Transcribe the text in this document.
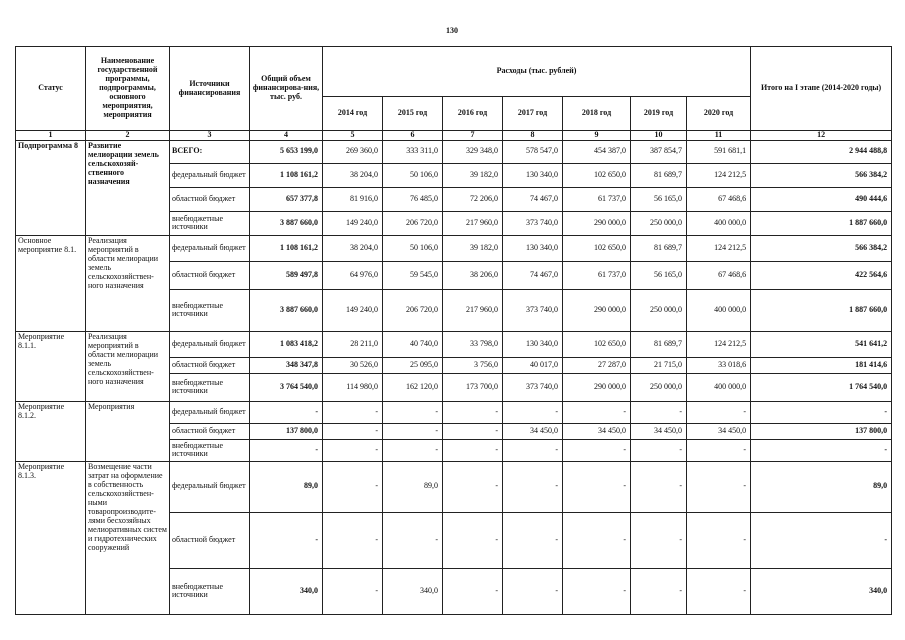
130
Статус	Наименование государственной программы, подпрограммы, основного мероприятия, мероприятия	Источники финансирования	Общий объем финансирова-ния, тыс. руб.	Расходы (тыс. рублей)							Итого на I этапе (2014-2020 годы)
				2014 год	2015 год	2016 год	2017 год	2018 год	2019 год	2020 год	
1	2	3	4	5	6	7	8	9	10	11	12
Подпрограмма 8	Развитие мелиорации земель сельскохозяй-ственного назначения	ВСЕГО:	5 653 199,0	269 360,0	333 311,0	329 348,0	578 547,0	454 387,0	387 854,7	591 681,1	2 944 488,8
		федеральный бюджет	1 108 161,2	38 204,0	50 106,0	39 182,0	130 340,0	102 650,0	81 689,7	124 212,5	566 384,2
		областной бюджет	657 377,8	81 916,0	76 485,0	72 206,0	74 467,0	61 737,0	56 165,0	67 468,6	490 444,6
		внебюджетные источники	3 887 660,0	149 240,0	206 720,0	217 960,0	373 740,0	290 000,0	250 000,0	400 000,0	1 887 660,0
Основное мероприятие 8.1.	Реализация мероприятий в области мелиорации земель сельскохозяйствен-ного назначения	федеральный бюджет	1 108 161,2	38 204,0	50 106,0	39 182,0	130 340,0	102 650,0	81 689,7	124 212,5	566 384,2
		областной бюджет	589 497,8	64 976,0	59 545,0	38 206,0	74 467,0	61 737,0	56 165,0	67 468,6	422 564,6
		внебюджетные источники	3 887 660,0	149 240,0	206 720,0	217 960,0	373 740,0	290 000,0	250 000,0	400 000,0	1 887 660,0
Мероприятие 8.1.1.	Реализация мероприятий в области мелиорации земель сельскохозяйствен-ного назначения	федеральный бюджет	1 083 418,2	28 211,0	40 740,0	33 798,0	130 340,0	102 650,0	81 689,7	124 212,5	541 641,2
		областной бюджет	348 347,8	30 526,0	25 095,0	3 756,0	40 017,0	27 287,0	21 715,0	33 018,6	181 414,6
		внебюджетные источники	3 764 540,0	114 980,0	162 120,0	173 700,0	373 740,0	290 000,0	250 000,0	400 000,0	1 764 540,0
Мероприятие 8.1.2.	Мероприятия	федеральный бюджет	-	-	-	-	-	-	-	-	-
		областной бюджет	137 800,0	-	-	-	34 450,0	34 450,0	34 450,0	34 450,0	137 800,0
		внебюджетные источники	-	-	-	-	-	-	-	-	-
Мероприятие 8.1.3.	Возмещение части затрат на оформление в собственность сельскохозяйствен-ными товаропроизводите-лями бесхозяйных мелиоративных систем и гидротехнических сооружений	федеральный бюджет	89,0	-	89,0	-	-	-	-	-	89,0
		областной бюджет	-	-	-	-	-	-	-	-	-
		внебюджетные источники	340,0	-	340,0	-	-	-	-	-	340,0
